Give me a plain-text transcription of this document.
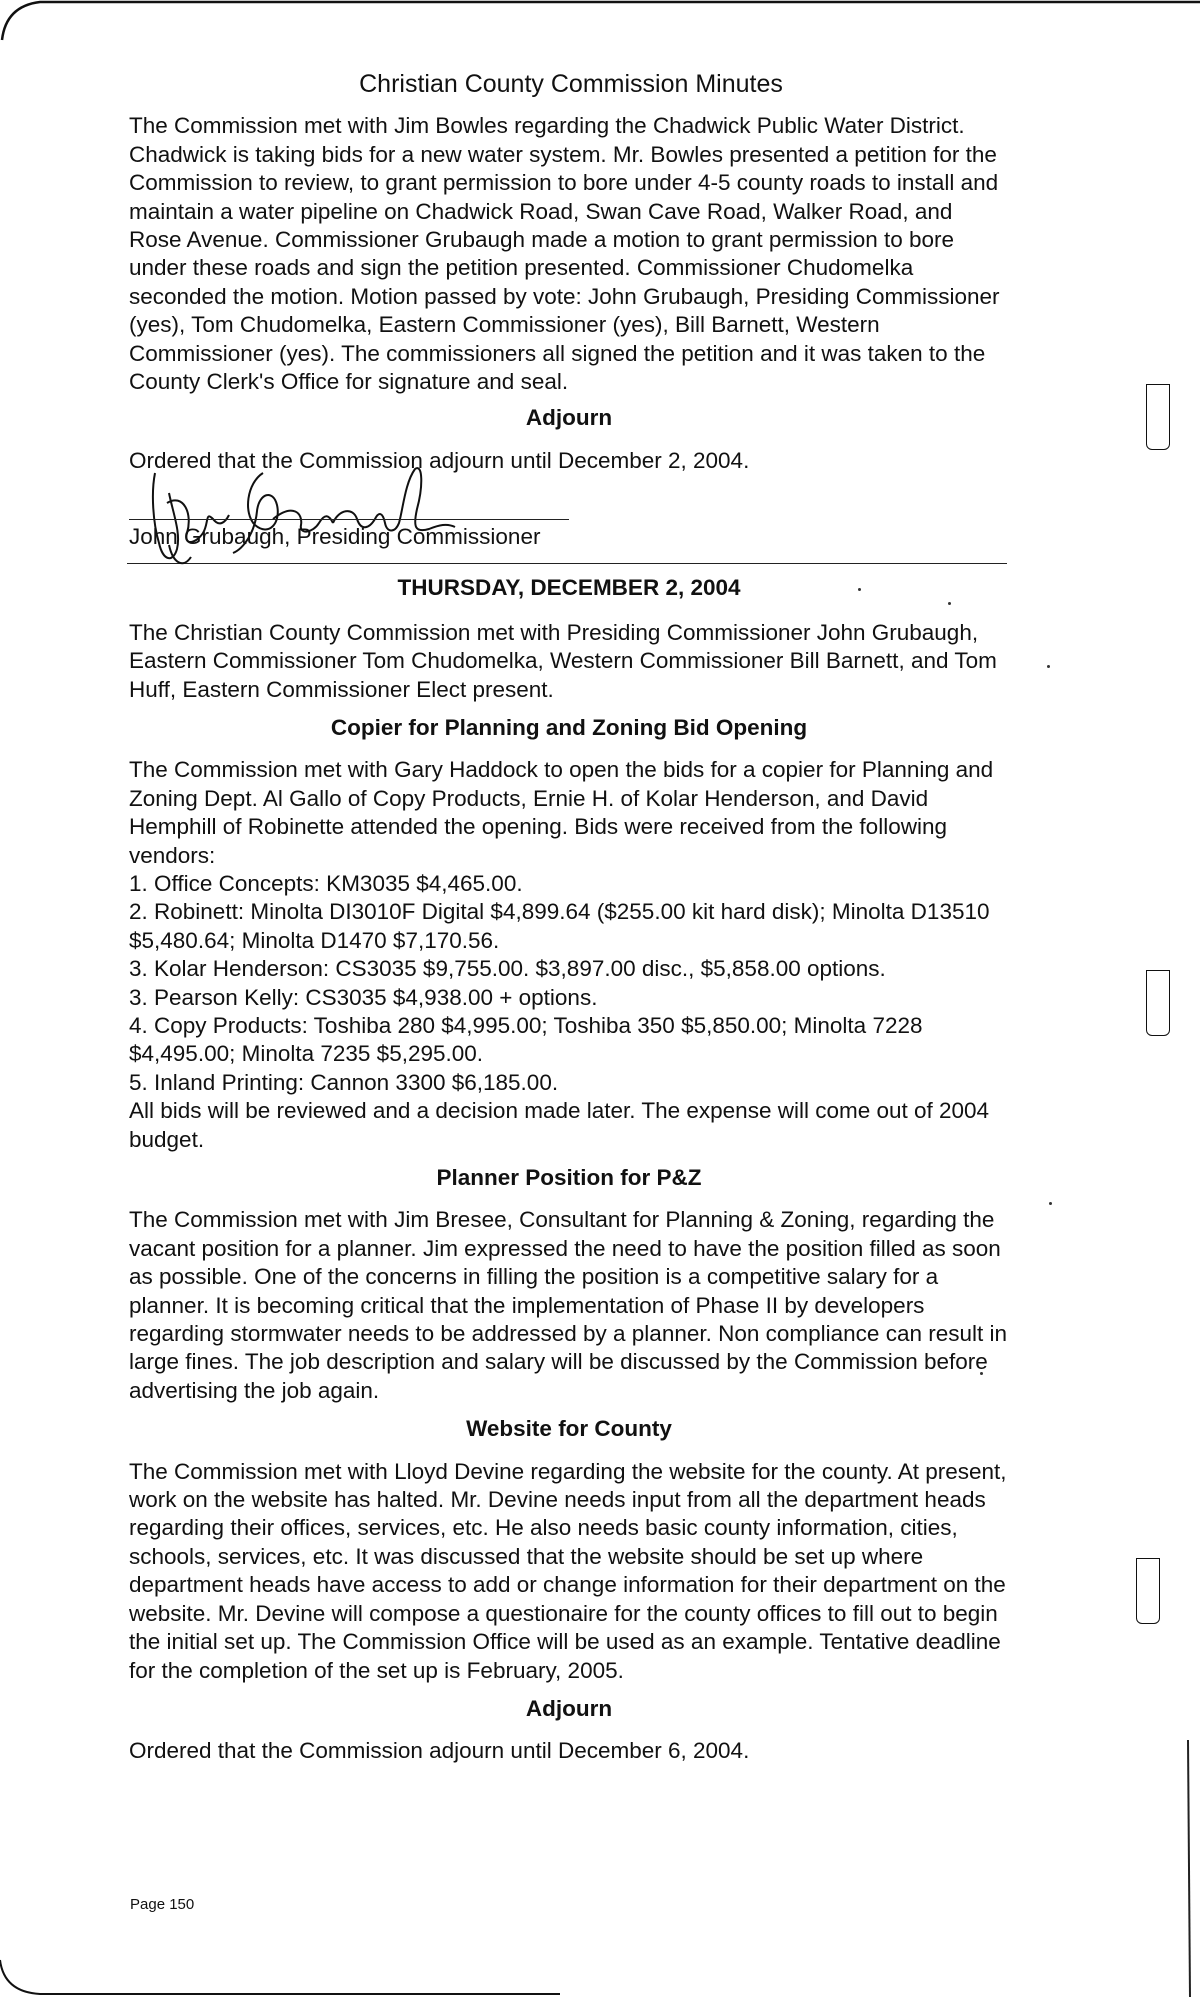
Christian County Commission Minutes

The Commission met with Jim Bowles regarding the Chadwick Public Water District. Chadwick is taking bids for a new water system. Mr. Bowles presented a petition for the Commission to review, to grant permission to bore under 4-5 county roads to install and maintain a water pipeline on Chadwick Road, Swan Cave Road, Walker Road, and Rose Avenue. Commissioner Grubaugh made a motion to grant permission to bore under these roads and sign the petition presented. Commissioner Chudomelka seconded the motion. Motion passed by vote: John Grubaugh, Presiding Commissioner (yes), Tom Chudomelka, Eastern Commissioner (yes), Bill Barnett, Western Commissioner (yes). The commissioners all signed the petition and it was taken to the County Clerk's Office for signature and seal.

Adjourn

Ordered that the Commission adjourn until December 2, 2004.

John Grubaugh, Presiding Commissioner
THURSDAY, DECEMBER 2, 2004

The Christian County Commission met with Presiding Commissioner John Grubaugh, Eastern Commissioner Tom Chudomelka, Western Commissioner Bill Barnett, and Tom Huff, Eastern Commissioner Elect present.

Copier for Planning and Zoning Bid Opening

The Commission met with Gary Haddock to open the bids for a copier for Planning and Zoning Dept. Al Gallo of Copy Products, Ernie H. of Kolar Henderson, and David Hemphill of Robinette attended the opening. Bids were received from the following vendors:

1. Office Concepts: KM3035 $4,465.00.
2. Robinett: Minolta DI3010F Digital $4,899.64 ($255.00 kit hard disk); Minolta D13510 $5,480.64; Minolta D1470 $7,170.56.
3. Kolar Henderson: CS3035 $9,755.00. $3,897.00 disc., $5,858.00 options.
3. Pearson Kelly: CS3035 $4,938.00 + options.
4. Copy Products: Toshiba 280 $4,995.00; Toshiba 350 $5,850.00; Minolta 7228 $4,495.00; Minolta 7235 $5,295.00.
5. Inland Printing: Cannon 3300 $6,185.00.

All bids will be reviewed and a decision made later. The expense will come out of 2004 budget.

Planner Position for P&Z

The Commission met with Jim Bresee, Consultant for Planning & Zoning, regarding the vacant position for a planner. Jim expressed the need to have the position filled as soon as possible. One of the concerns in filling the position is a competitive salary for a planner. It is becoming critical that the implementation of Phase II by developers regarding stormwater needs to be addressed by a planner. Non compliance can result in large fines. The job description and salary will be discussed by the Commission before advertising the job again.

Website for County

The Commission met with Lloyd Devine regarding the website for the county. At present, work on the website has halted. Mr. Devine needs input from all the department heads regarding their offices, services, etc. He also needs basic county information, cities, schools, services, etc. It was discussed that the website should be set up where department heads have access to add or change information for their department on the website. Mr. Devine will compose a questionaire for the county offices to fill out to begin the initial set up. The Commission Office will be used as an example. Tentative deadline for the completion of the set up is February, 2005.

Adjourn

Ordered that the Commission adjourn until December 6, 2004.

Page 150
